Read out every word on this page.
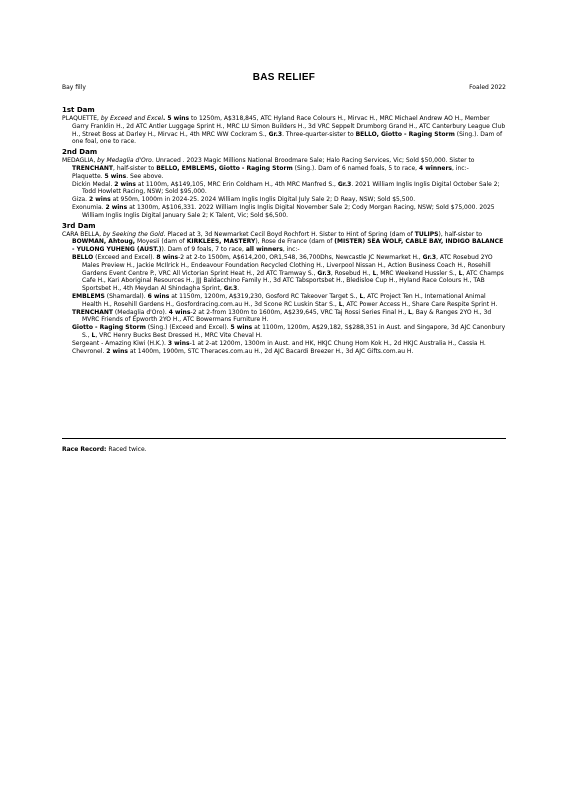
BAS RELIEF
Bay filly	Foaled 2022
1st Dam

PLAQUETTE, by Exceed and Excel. 5 wins to 1250m, A$318,845, ATC Hyland Race Colours H., Mirvac H., MRC Michael Andrew AO H., Member Garry Franklin H., 2d ATC Antler Luggage Sprint H., MRC LU Simon Builders H., 3d VRC Seppelt Drumborg Grand H., ATC Canterbury League Club H., Street Boss at Darley H., Mirvac H., 4th MRC WW Cockram S., Gr.3. Three-quarter-sister to BELLO, Giotto - Raging Storm (Sing.). Dam of one foal, one to race.

2nd Dam

MEDAGLIA, by Medaglia d'Oro. Unraced . 2023 Magic Millions National Broodmare Sale; Halo Racing Services, Vic; Sold $50,000. Sister to TRENCHANT, half-sister to BELLO, EMBLEMS, Giotto - Raging Storm (Sing.). Dam of 6 named foals, 5 to race, 4 winners, inc:-

Plaquette. 5 wins. See above.

Dickin Medal. 2 wins at 1100m, A$149,105, MRC Erin Coldham H., 4th MRC Manfred S., Gr.3. 2021 William Inglis Inglis Digital October Sale 2; Todd Howlett Racing, NSW; Sold $95,000.

Giza. 2 wins at 950m, 1000m in 2024-25. 2024 William Inglis Inglis Digital July Sale 2; D Reay, NSW; Sold $5,500.

Exonumia. 2 wins at 1300m, A$106,331. 2022 William Inglis Inglis Digital November Sale 2; Cody Morgan Racing, NSW; Sold $75,000. 2025 William Inglis Inglis Digital January Sale 2; K Talent, Vic; Sold $6,500.

3rd Dam

CARA BELLA, by Seeking the Gold. Placed at 3, 3d Newmarket Cecil Boyd Rochfort H. Sister to Hint of Spring (dam of TULIPS), half-sister to BOWMAN, Ahtoug, Moyesii (dam of KIRKLEES, MASTERY), Rose de France (dam of (MISTER) SEA WOLF, CABLE BAY, INDIGO BALANCE - YULONG YUHENG (AUST.)). Dam of 9 foals, 7 to race, all winners, inc:-

BELLO (Exceed and Excel). 8 wins-2 at 2-to 1500m, A$614,200, OR1,548, 36,700Dhs, Newcastle JC Newmarket H., Gr.3, ATC Rosebud 2YO Males Preview H., Jackie McIlrick H., Endeavour Foundation Recycled Clothing H., Liverpool Nissan H., Action Business Coach H., Rosehill Gardens Event Centre P., VRC All Victorian Sprint Heat H., 2d ATC Tramway S., Gr.3, Rosebud H., L, MRC Weekend Hussler S., L, ATC Champs Cafe H., Kari Aboriginal Resources H., JJJ Baldacchino Family H., 3d ATC Tabsportsbet H., Bledisloe Cup H., Hyland Race Colours H., TAB Sportsbet H., 4th Meydan Al Shindagha Sprint, Gr.3.

EMBLEMS (Shamardal). 6 wins at 1150m, 1200m, A$319,230, Gosford RC Takeover Target S., L, ATC Project Ten H., International Animal Health H., Rosehill Gardens H., Gosfordracing.com.au H., 3d Scone RC Luskin Star S., L, ATC Power Access H., Share Care Respite Sprint H.

TRENCHANT (Medaglia d'Oro). 4 wins-2 at 2-from 1300m to 1600m, A$239,645, VRC Taj Rossi Series Final H., L, Bay & Ranges 2YO H., 3d MVRC Friends of Epworth 2YO H., ATC Bowermans Furniture H.

Giotto - Raging Storm (Sing.) (Exceed and Excel). 5 wins at 1100m, 1200m, A$29,182, S$288,351 in Aust. and Singapore, 3d AJC Canonbury S., L, VRC Henry Bucks Best Dressed H., MRC Vite Cheval H.

Sergeant - Amazing Kiwi (H.K.). 3 wins-1 at 2-at 1200m, 1300m in Aust. and HK, HKJC Chung Hom Kok H., 2d HKJC Australia H., Cassia H.

Chevronel. 2 wins at 1400m, 1900m, STC Theraces.com.au H., 2d AJC Bacardi Breezer H., 3d AJC Gifts.com.au H.

Race Record: Raced twice.
